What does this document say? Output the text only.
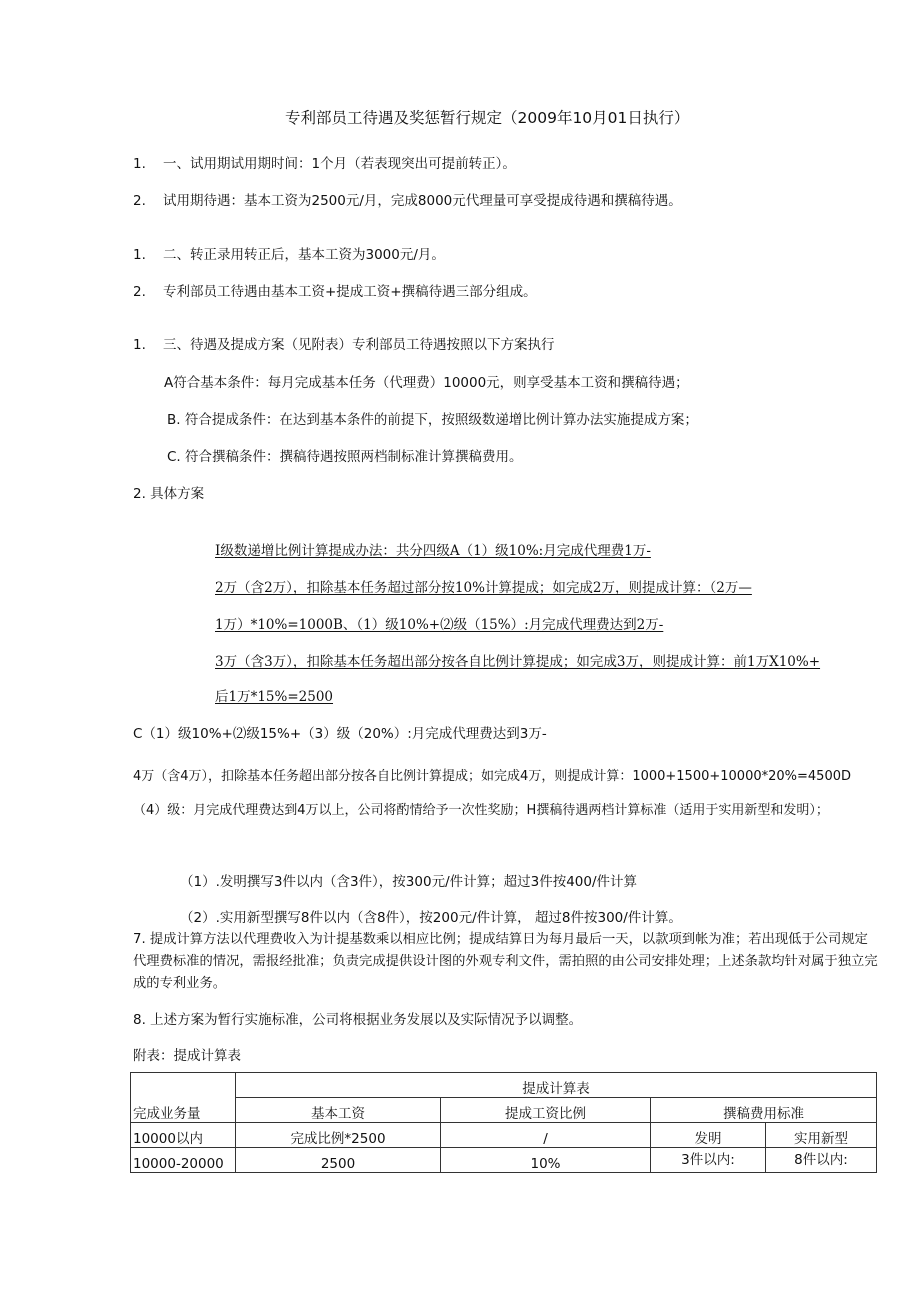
专利部员工待遇及奖惩暂行规定（2009年10月01日执行）
1. 一、试用期试用期时间：1个月（若表现突出可提前转正）。
2. 试用期待遇：基本工资为2500元/月，完成8000元代理量可享受提成待遇和撰稿待遇。
1. 二、转正录用转正后，基本工资为3000元/月。
2. 专利部员工待遇由基本工资+提成工资+撰稿待遇三部分组成。
1. 三、待遇及提成方案（见附表）专利部员工待遇按照以下方案执行
A符合基本条件：每月完成基本任务（代理费）10000元，则享受基本工资和撰稿待遇；
B. 符合提成条件：在达到基本条件的前提下，按照级数递增比例计算办法实施提成方案；
C. 符合撰稿条件：撰稿待遇按照两档制标准计算撰稿费用。
2. 具体方案
I级数递增比例计算提成办法：共分四级A（1）级10%:月完成代理费1万-
2万（含2万），扣除基本任务超过部分按10%计算提成；如完成2万，则提成计算：（2万—
1万）*10%=1000B、（1）级10%+⑵级（15%）:月完成代理费达到2万-
3万（含3万），扣除基本任务超出部分按各自比例计算提成；如完成3万，则提成计算：前1万X10%+
后1万*15%=2500
C（1）级10%+⑵级15%+（3）级（20%）:月完成代理费达到3万-
4万（含4万），扣除基本任务超出部分按各自比例计算提成；如完成4万，则提成计算：1000+1500+10000*20%=4500D（4）级：月完成代理费达到4万以上，公司将酌情给予一次性奖励；H撰稿待遇两档计算标准（适用于实用新型和发明）；
（1）.发明撰写3件以内（含3件），按300元/件计算；超过3件按400/件计算
（2）.实用新型撰写8件以内（含8件），按200元/件计算， 超过8件按300/件计算。
7. 提成计算方法以代理费收入为计提基数乘以相应比例；提成结算日为每月最后一天，以款项到帐为准；若出现低于公司规定代理费标准的情况，需报经批准；负责完成提供设计图的外观专利文件，需拍照的由公司安排处理；上述条款均针对属于独立完成的专利业务。
8. 上述方案为暂行实施标准，公司将根据业务发展以及实际情况予以调整。
附表：提成计算表
完成业务量	提成计算表			
	基本工资	提成工资比例	撰稿费用标准	
10000以内	完成比例*2500	/	发明	实用新型
10000-20000	2500	10%	3件以内:	8件以内:
